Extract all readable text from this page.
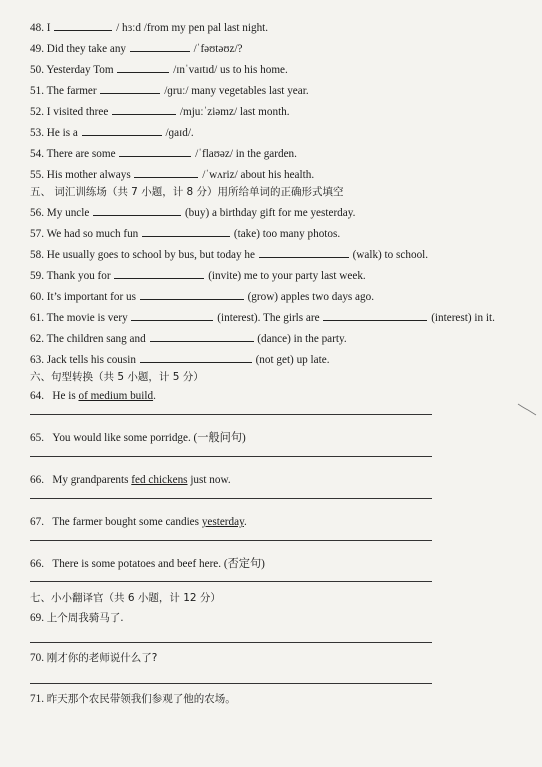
48. I	/ hɜːd /from my pen pal last night.
49. Did they take any	/ˈfəʊtəʊz/?
50. Yesterday Tom	/ɪnˈvaɪtɪd/ us to his home.
51. The farmer	/ɡruː/ many vegetables last year.
52. I visited three	/mjuːˈziəmz/ last month.
53. He is a	/ɡaɪd/.
54. There are some	/ˈflaʊəz/ in the garden.
55. His mother always	/ˈwʌriz/ about his health.
五、 词汇训练场（共 7 小题，计 8 分）用所给单词的正确形式填空
56. My uncle	(buy) a birthday gift for me yesterday.
57. We had so much fun	(take) too many photos.
58. He usually goes to school by bus, but today he	(walk) to school.
59. Thank you for	(invite) me to your party last week.
60. It’s important for us	(grow) apples two days ago.
61. The movie is very	(interest). The girls are	(interest) in it.
62. The children sang and	(dance) in the party.
63. Jack tells his cousin	(not get) up late.
六、句型转换（共 5 小题，计 5 分）
64. He is of medium build.
65. You would like some porridge. (一般问句)
66. My grandparents fed chickens just now.
67. The farmer bought some candies yesterday.
66. There is some potatoes and beef here. (否定句)
七、小小翻译官（共 6 小题，计 12 分）
69. 上个周我骑马了.
70. 刚才你的老师说什么了?
71. 昨天那个农民带领我们参观了他的农场。
